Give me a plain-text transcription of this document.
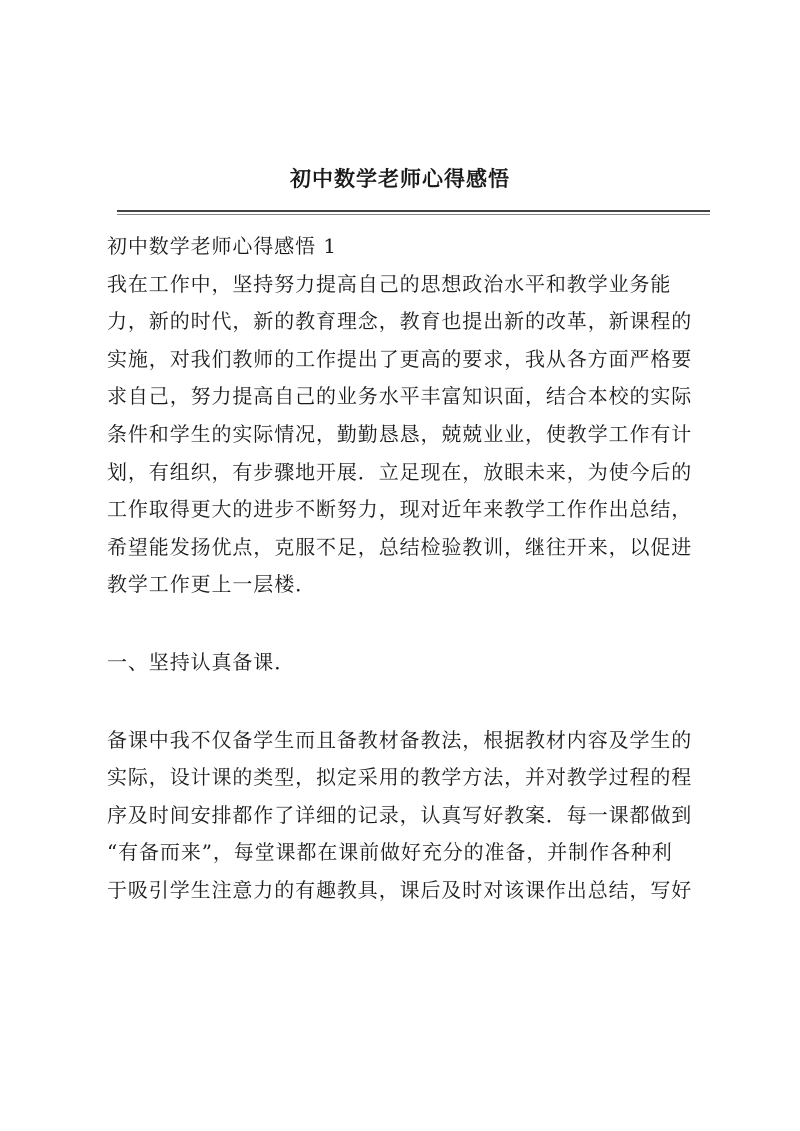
初中数学老师心得感悟
初中数学老师心得感悟 1
我在工作中，坚持努力提高自己的思想政治水平和教学业务能
力，新的时代，新的教育理念，教育也提出新的改革，新课程的
实施，对我们教师的工作提出了更高的要求，我从各方面严格要
求自己，努力提高自己的业务水平丰富知识面，结合本校的实际
条件和学生的实际情况，勤勤恳恳，兢兢业业，使教学工作有计
划，有组织，有步骤地开展．立足现在，放眼未来，为使今后的
工作取得更大的进步不断努力，现对近年来教学工作作出总结，
希望能发扬优点，克服不足，总结检验教训，继往开来，以促进
教学工作更上一层楼．
一、坚持认真备课．
备课中我不仅备学生而且备教材备教法，根据教材内容及学生的
实际，设计课的类型，拟定采用的教学方法，并对教学过程的程
序及时间安排都作了详细的记录，认真写好教案．每一课都做到
“有备而来”，每堂课都在课前做好充分的准备，并制作各种利
于吸引学生注意力的有趣教具，课后及时对该课作出总结，写好
